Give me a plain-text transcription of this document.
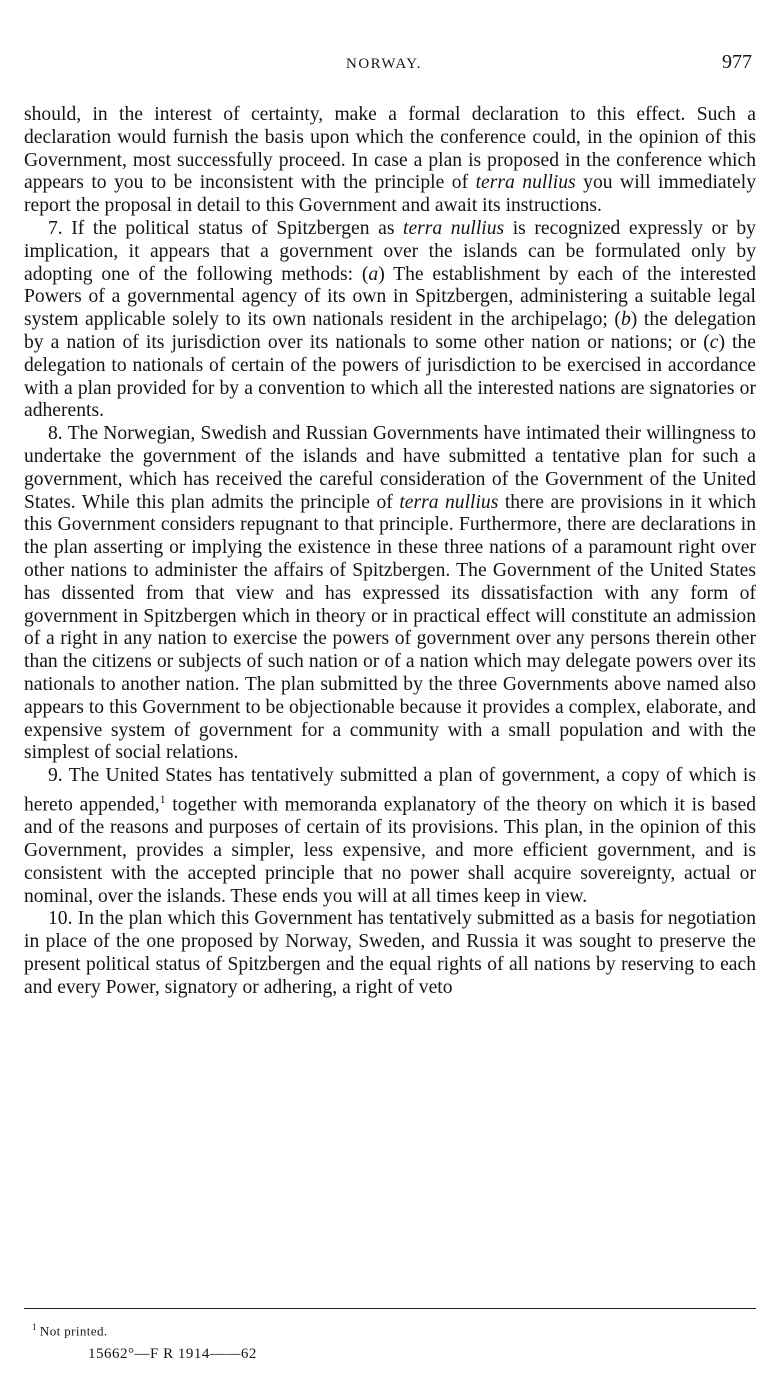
NORWAY.	977

should, in the interest of certainty, make a formal declaration to this effect. Such a declaration would furnish the basis upon which the conference could, in the opinion of this Government, most successfully proceed. In case a plan is proposed in the conference which appears to you to be inconsistent with the principle of terra nullius you will immediately report the proposal in detail to this Government and await its instructions.

7. If the political status of Spitzbergen as terra nullius is recognized expressly or by implication, it appears that a government over the islands can be formulated only by adopting one of the following methods: (a) The establishment by each of the interested Powers of a governmental agency of its own in Spitzbergen, administering a suitable legal system applicable solely to its own nationals resident in the archipelago; (b) the delegation by a nation of its jurisdiction over its nationals to some other nation or nations; or (c) the delegation to nationals of certain of the powers of jurisdiction to be exercised in accordance with a plan provided for by a convention to which all the interested nations are signatories or adherents.

8. The Norwegian, Swedish and Russian Governments have intimated their willingness to undertake the government of the islands and have submitted a tentative plan for such a government, which has received the careful consideration of the Government of the United States. While this plan admits the principle of terra nullius there are provisions in it which this Government considers repugnant to that principle. Furthermore, there are declarations in the plan asserting or implying the existence in these three nations of a paramount right over other nations to administer the affairs of Spitzbergen. The Government of the United States has dissented from that view and has expressed its dissatisfaction with any form of government in Spitzbergen which in theory or in practical effect will constitute an admission of a right in any nation to exercise the powers of government over any persons therein other than the citizens or subjects of such nation or of a nation which may delegate powers over its nationals to another nation. The plan submitted by the three Governments above named also appears to this Government to be objectionable because it provides a complex, elaborate, and expensive system of government for a community with a small population and with the simplest of social relations.

9. The United States has tentatively submitted a plan of government, a copy of which is hereto appended,$^1$ together with memoranda explanatory of the theory on which it is based and of the reasons and purposes of certain of its provisions. This plan, in the opinion of this Government, provides a simpler, less expensive, and more efficient government, and is consistent with the accepted principle that no power shall acquire sovereignty, actual or nominal, over the islands. These ends you will at all times keep in view.

10. In the plan which this Government has tentatively submitted as a basis for negotiation in place of the one proposed by Norway, Sweden, and Russia it was sought to preserve the present political status of Spitzbergen and the equal rights of all nations by reserving to each and every Power, signatory or adhering, a right of veto

$^1$ Not printed.
15662°—F R 1914——62
